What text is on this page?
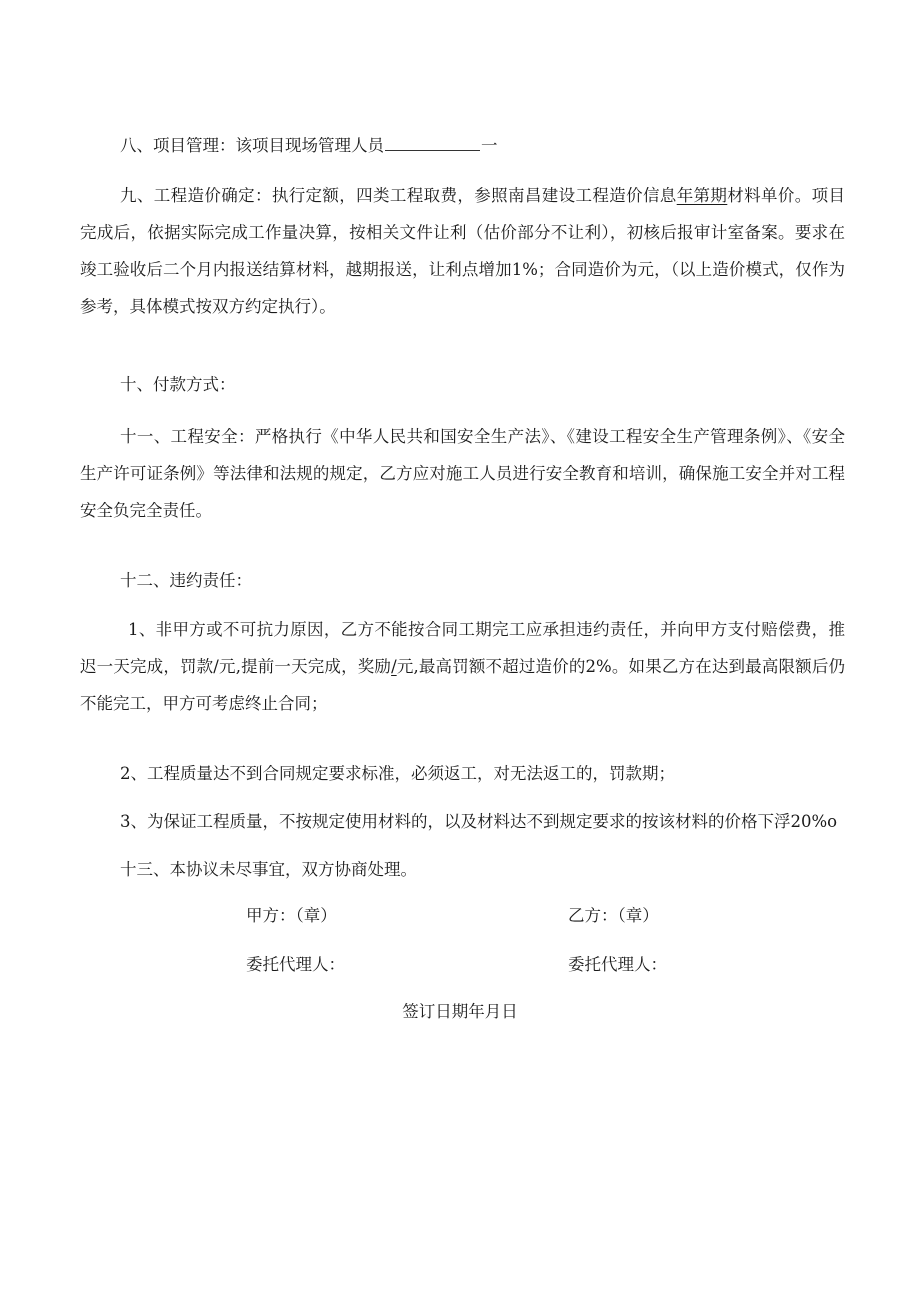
八、项目管理：该项目现场管理人员	一

九、工程造价确定：执行定额，四类工程取费，参照南昌建设工程造价信息年第期材料单价。项目完成后，依据实际完成工作量决算，按相关文件让利（估价部分不让利），初核后报审计室备案。要求在竣工验收后二个月内报送结算材料，越期报送，让利点增加1%；合同造价为元，（以上造价模式，仅作为参考，具体模式按双方约定执行）。

十、付款方式：

十一、工程安全：严格执行《中华人民共和国安全生产法》、《建设工程安全生产管理条例》、《安全生产许可证条例》等法律和法规的规定，乙方应对施工人员进行安全教育和培训，确保施工安全并对工程安全负完全责任。

十二、违约责任：

1、非甲方或不可抗力原因，乙方不能按合同工期完工应承担违约责任，并向甲方支付赔偿费，推迟一天完成，罚款/元,提前一天完成，奖励/元,最高罚额不超过造价的2%。如果乙方在达到最高限额后仍不能完工，甲方可考虑终止合同；

2、工程质量达不到合同规定要求标准，必须返工，对无法返工的，罚款期；

3、为保证工程质量，不按规定使用材料的，以及材料达不到规定要求的按该材料的价格下浮20%o

十三、本协议未尽事宜，双方协商处理。

甲方：（章）	乙方：（章）
委托代理人：	委托代理人：
签订日期年月日
